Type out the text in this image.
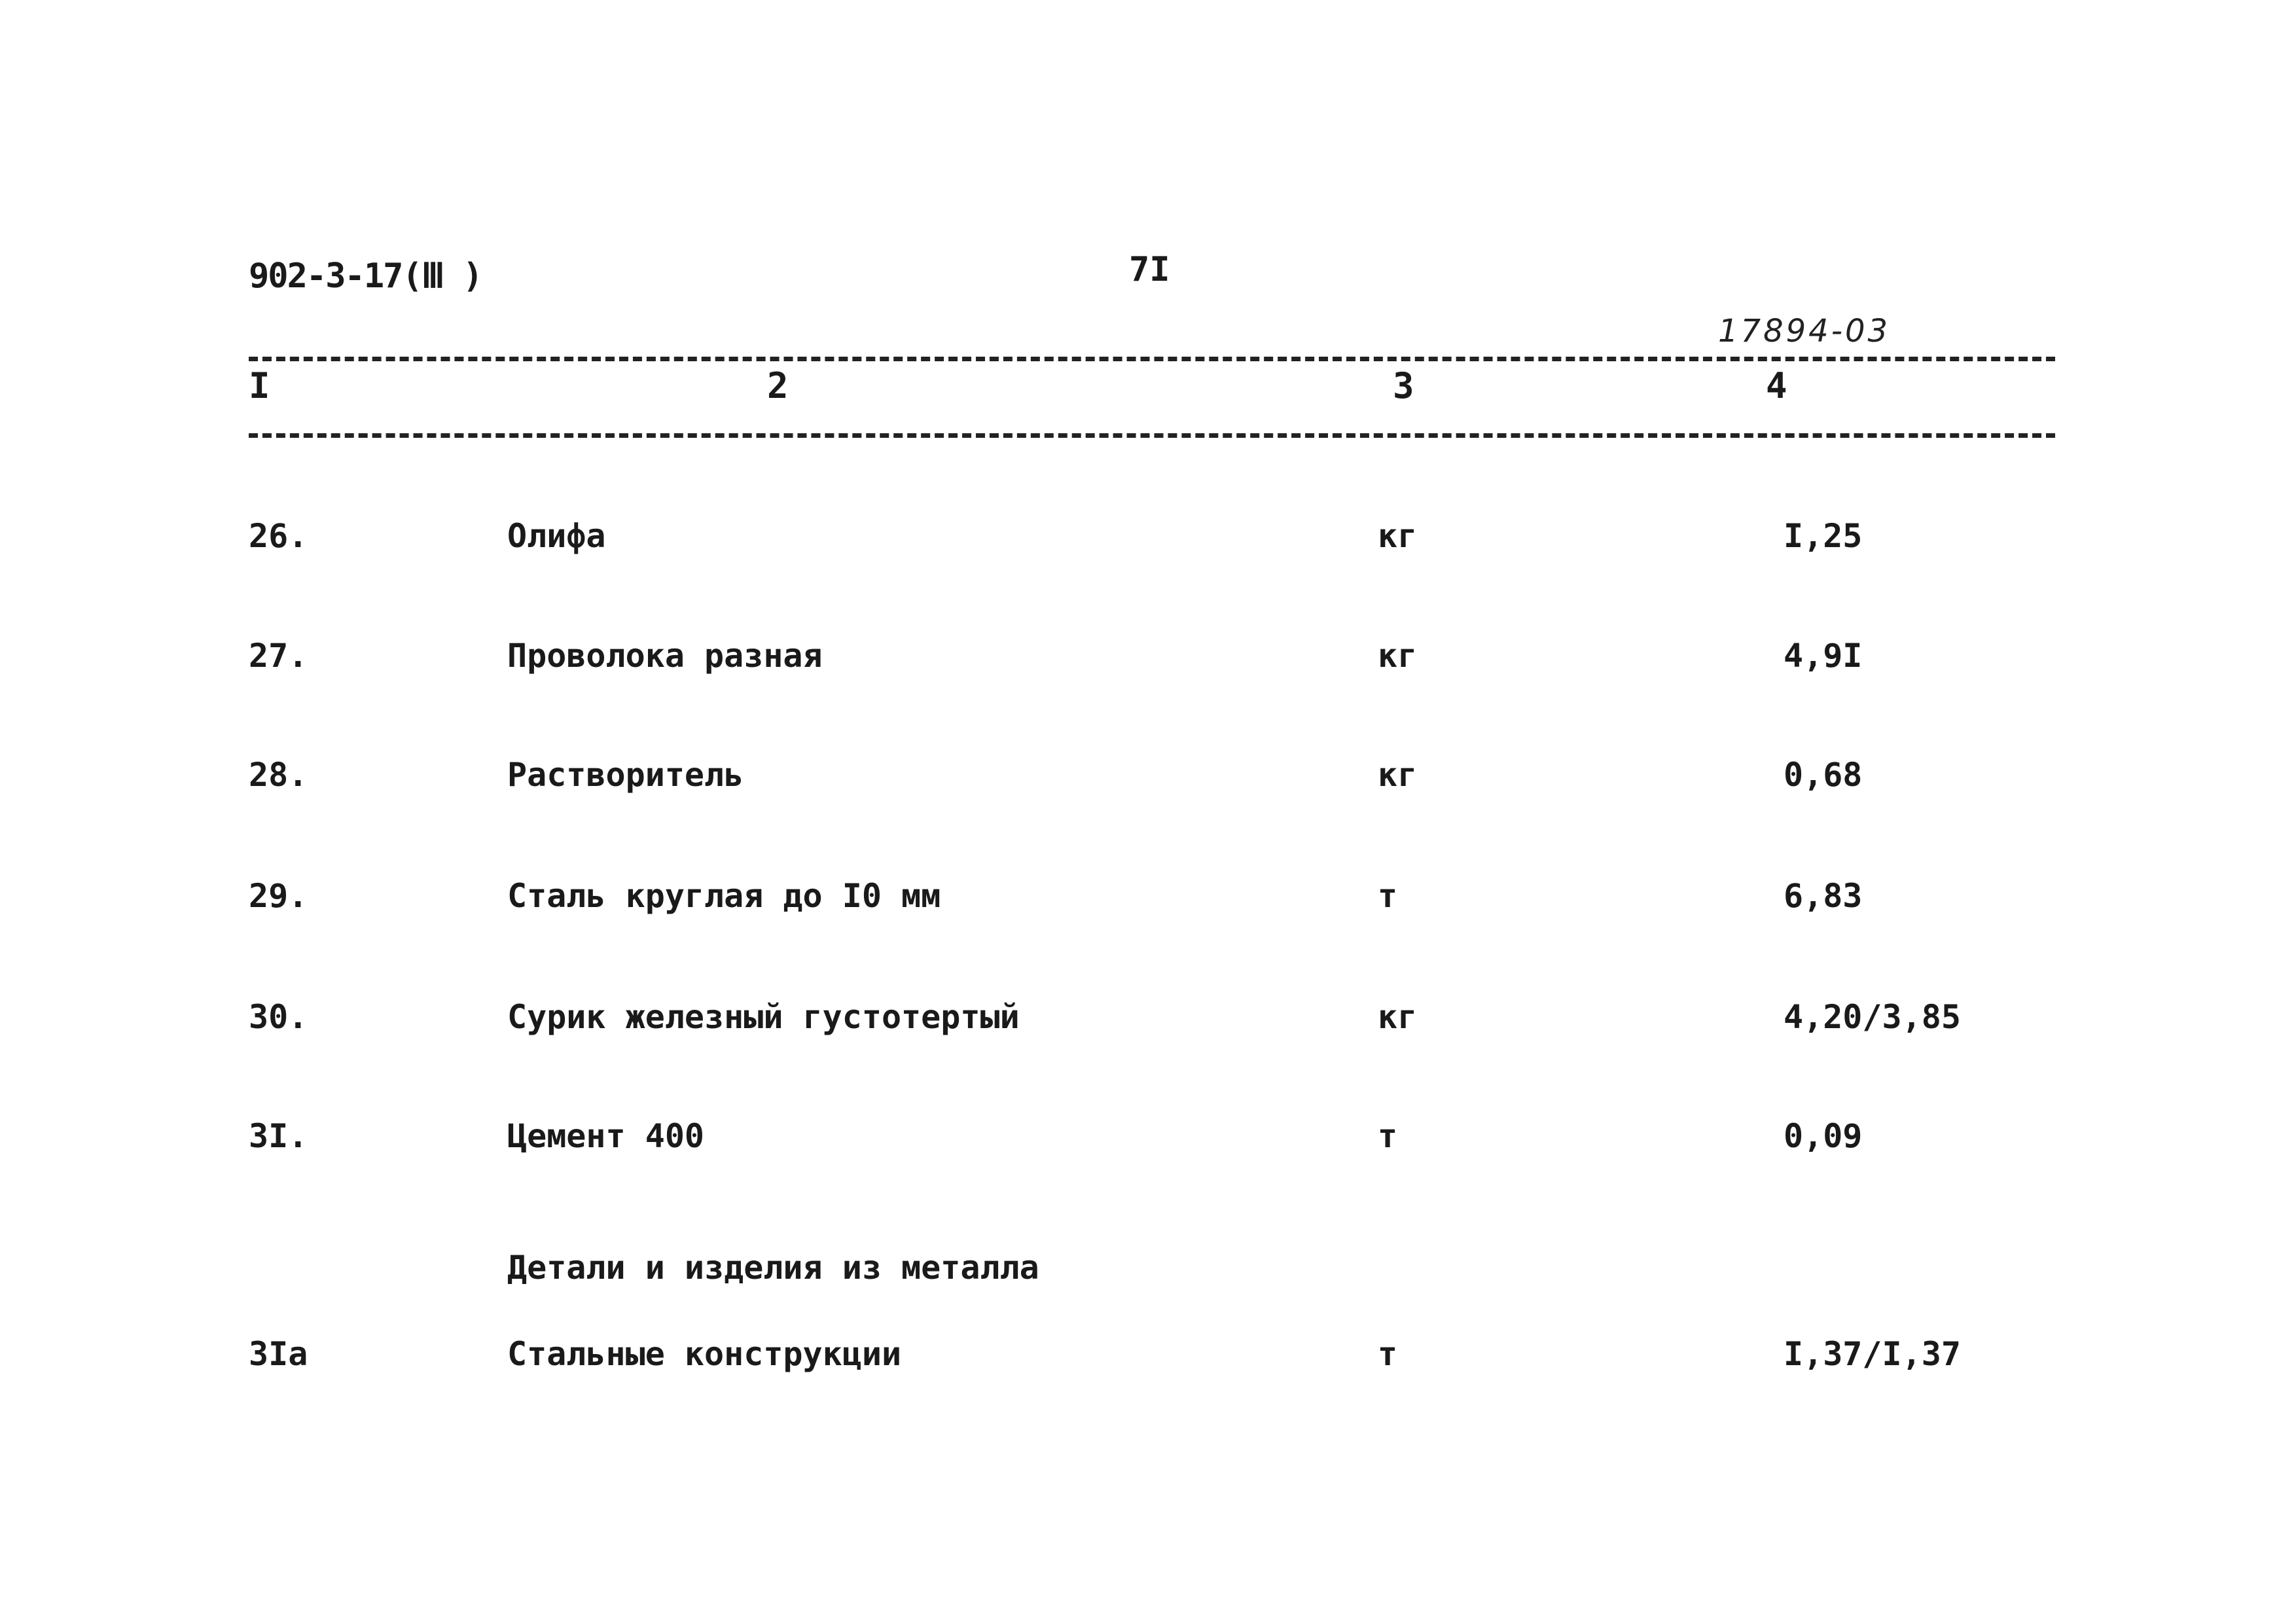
902-3-17(Ⅲ )	7I
17894-03
I	2	3	4
26.	Олифа	кг	I,25
27.	Проволока разная	кг	4,9I
28.	Растворитель	кг	0,68
29.	Сталь круглая до I0 мм	т	6,83
30.	Сурик железный густотертый	кг	4,20/3,85
3I.	Цемент 400	т	0,09
Детали и изделия из металла
3Iа	Стальные конструкции	т	I,37/I,37
